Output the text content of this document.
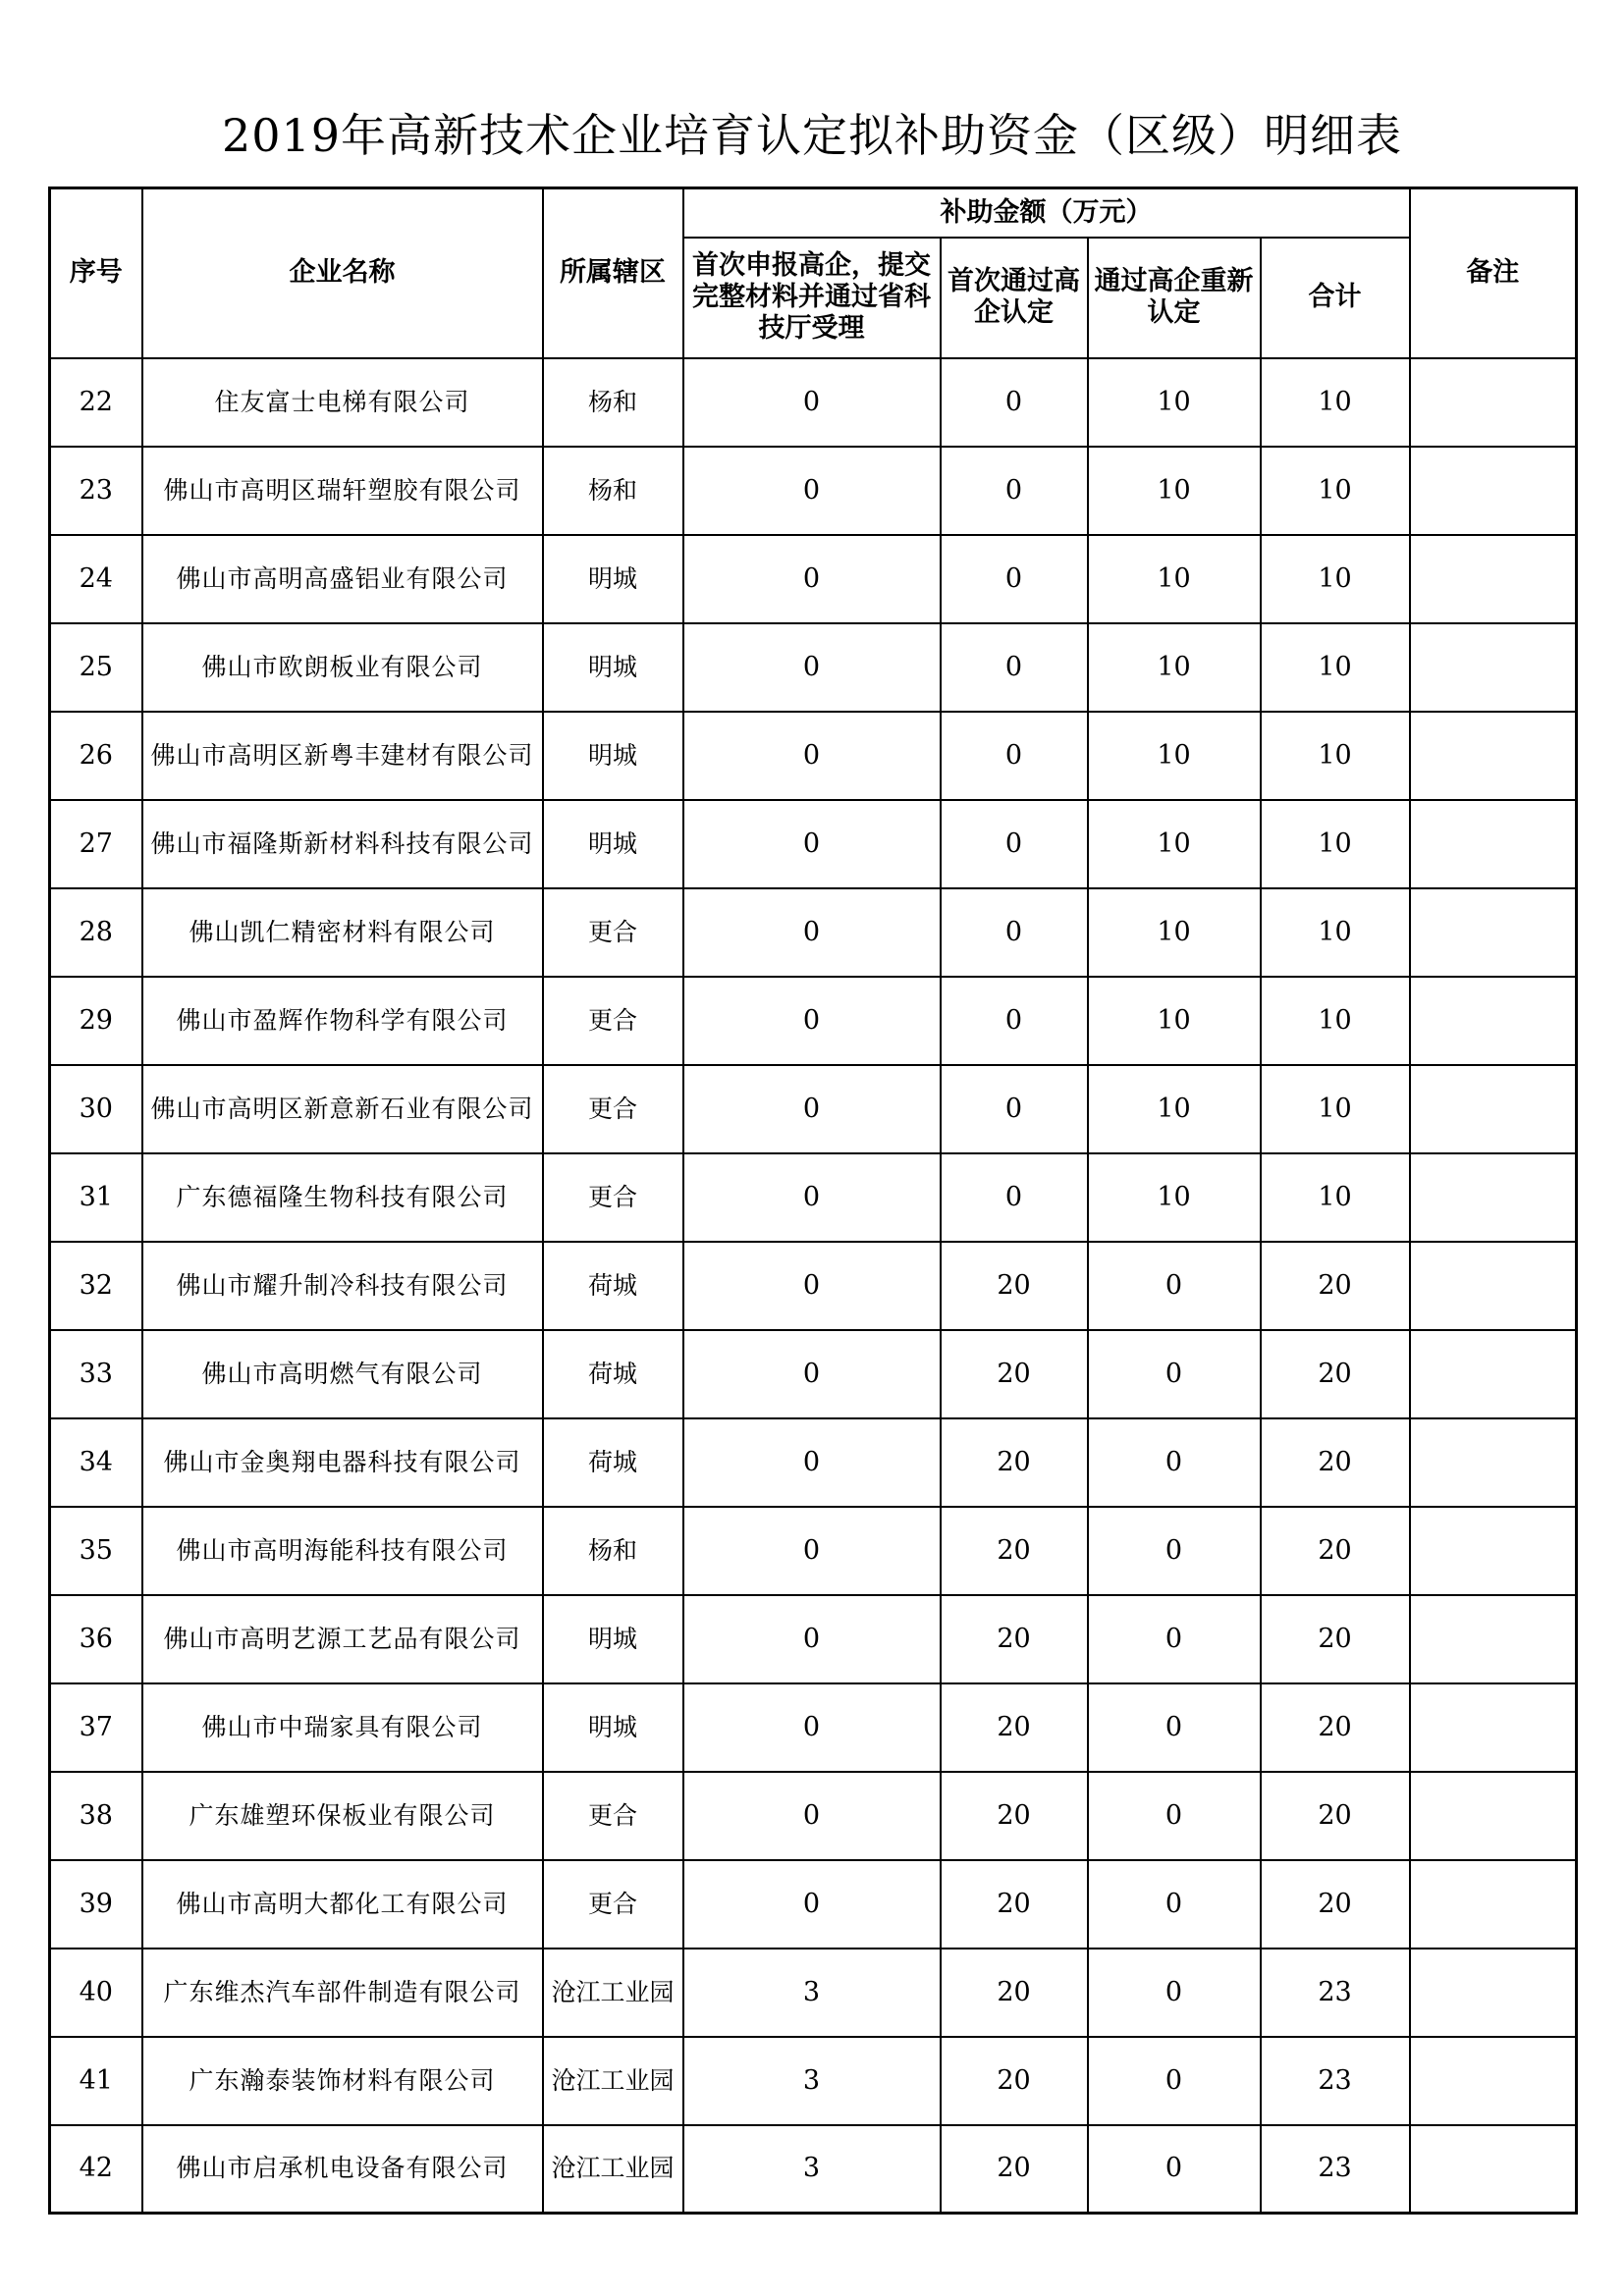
2019年高新技术企业培育认定拟补助资金（区级）明细表
序号	企业名称	所属辖区	补助金额（万元）				备注
			首次申报高企，提交完整材料并通过省科技厅受理	首次通过高企认定	通过高企重新认定	合计	
22	住友富士电梯有限公司	杨和	0	0	10	10	
23	佛山市高明区瑞轩塑胶有限公司	杨和	0	0	10	10	
24	佛山市高明高盛铝业有限公司	明城	0	0	10	10	
25	佛山市欧朗板业有限公司	明城	0	0	10	10	
26	佛山市高明区新粤丰建材有限公司	明城	0	0	10	10	
27	佛山市福隆斯新材料科技有限公司	明城	0	0	10	10	
28	佛山凯仁精密材料有限公司	更合	0	0	10	10	
29	佛山市盈辉作物科学有限公司	更合	0	0	10	10	
30	佛山市高明区新意新石业有限公司	更合	0	0	10	10	
31	广东德福隆生物科技有限公司	更合	0	0	10	10	
32	佛山市耀升制冷科技有限公司	荷城	0	20	0	20	
33	佛山市高明燃气有限公司	荷城	0	20	0	20	
34	佛山市金奥翔电器科技有限公司	荷城	0	20	0	20	
35	佛山市高明海能科技有限公司	杨和	0	20	0	20	
36	佛山市高明艺源工艺品有限公司	明城	0	20	0	20	
37	佛山市中瑞家具有限公司	明城	0	20	0	20	
38	广东雄塑环保板业有限公司	更合	0	20	0	20	
39	佛山市高明大都化工有限公司	更合	0	20	0	20	
40	广东维杰汽车部件制造有限公司	沧江工业园	3	20	0	23	
41	广东瀚泰装饰材料有限公司	沧江工业园	3	20	0	23	
42	佛山市启承机电设备有限公司	沧江工业园	3	20	0	23	
